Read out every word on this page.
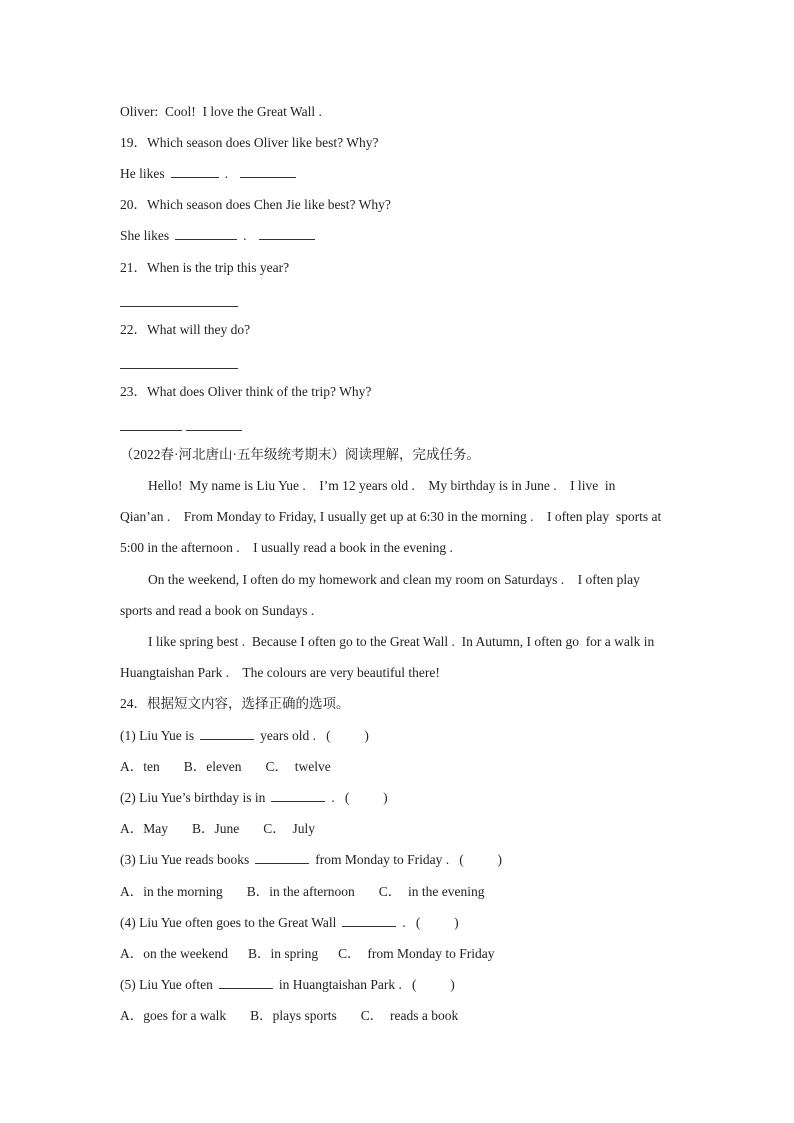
Oliver:  Cool!  I love the Great Wall .
19．Which season does Oliver like best? Why?
He likes	.
20．Which season does Chen Jie like best? Why?
She likes	.
21．When is the trip this year?
22．What will they do?
23．What does Oliver think of the trip? Why?
（2022春·河北唐山·五年级统考期末）阅读理解，完成任务。
Hello!  My name is Liu Yue .    I’m 12 years old .    My birthday is in June .    I live  in
Qian’an .    From Monday to Friday, I usually get up at 6:30 in the morning .    I often play  sports at
5:00 in the afternoon .    I usually read a book in the evening .
On the weekend, I often do my homework and clean my room on Saturdays .    I often play
sports and read a book on Sundays .
I like spring best .  Because I often go to the Great Wall .  In Autumn, I often go  for a walk in
Huangtaishan Park .    The colours are very beautiful there!
24．根据短文内容，选择正确的选项。
(1) Liu Yue is	years old .   (          )
A．ten B．eleven C．  twelve
(2) Liu Yue’s birthday is in	.   (          )
A．May B．June C．  July
(3) Liu Yue reads books	from Monday to Friday .   (          )
A．in the morning B．in the afternoon C．  in the evening
(4) Liu Yue often goes to the Great Wall	.   (          )
A．on the weekend B．in spring C．  from Monday to Friday
(5) Liu Yue often	in Huangtaishan Park .   (          )
A．goes for a walk B．plays sports C．  reads a book
